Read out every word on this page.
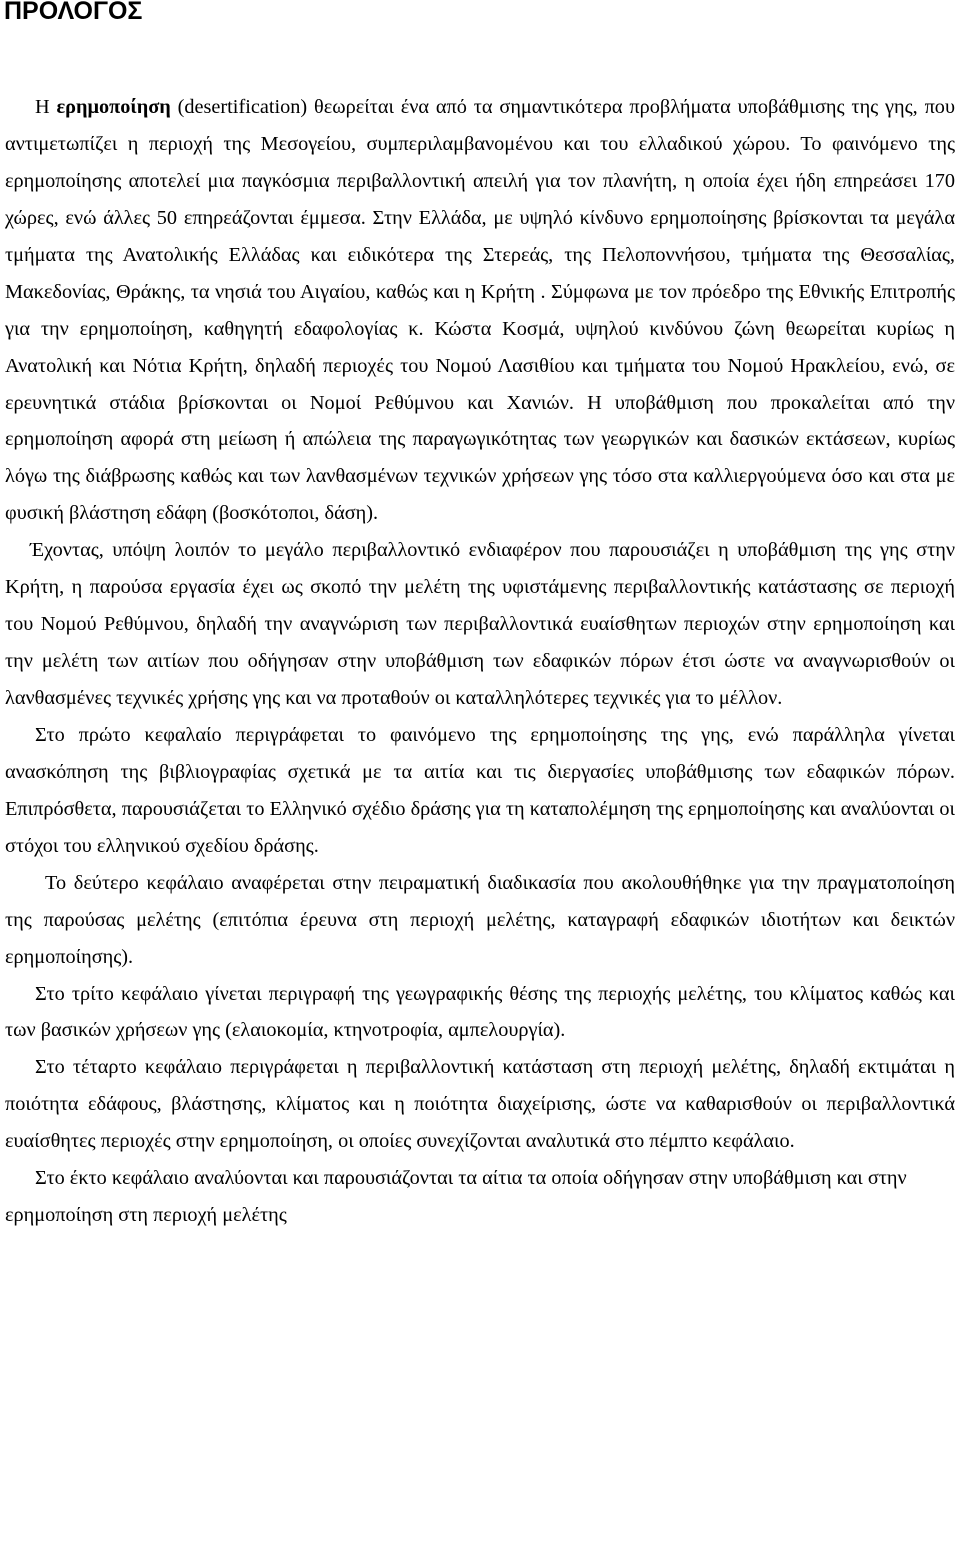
ΠΡΟΛΟΓΟΣ

Η ερημοποίηση (desertification) θεωρείται ένα από τα σημαντικότερα προβλήματα υποβάθμισης της γης, που αντιμετωπίζει η περιοχή της Μεσογείου, συμπεριλαμβανομένου και του ελλαδικού χώρου. Το φαινόμενο της ερημοποίησης αποτελεί μια παγκόσμια περιβαλλοντική απειλή για τον πλανήτη, η οποία έχει ήδη επηρεάσει 170 χώρες, ενώ άλλες 50 επηρεάζονται έμμεσα. Στην Ελλάδα, με υψηλό κίνδυνο ερημοποίησης βρίσκονται τα μεγάλα τμήματα της Ανατολικής Ελλάδας και ειδικότερα της Στερεάς, της Πελοποννήσου, τμήματα της Θεσσαλίας, Μακεδονίας, Θράκης, τα νησιά του Αιγαίου, καθώς και η Κρήτη . Σύμφωνα με τον πρόεδρο της Εθνικής Επιτροπής για την ερημοποίηση, καθηγητή εδαφολογίας κ. Κώστα Κοσμά, υψηλού κινδύνου ζώνη θεωρείται κυρίως η Ανατολική και Νότια Κρήτη, δηλαδή περιοχές του Νομού Λασιθίου και τμήματα του Νομού Ηρακλείου, ενώ, σε ερευνητικά στάδια βρίσκονται οι Νομοί Ρεθύμνου και Χανιών. Η υποβάθμιση που προκαλείται από την ερημοποίηση αφορά στη μείωση ή απώλεια της παραγωγικότητας των γεωργικών και δασικών εκτάσεων, κυρίως λόγω της διάβρωσης καθώς και των λανθασμένων τεχνικών χρήσεων γης τόσο στα καλλιεργούμενα όσο και στα με φυσική βλάστηση εδάφη (βοσκότοποι, δάση).

Έχοντας, υπόψη λοιπόν το μεγάλο περιβαλλοντικό ενδιαφέρον που παρουσιάζει η υποβάθμιση της γης στην Κρήτη, η παρούσα εργασία έχει ως σκοπό την μελέτη της υφιστάμενης περιβαλλοντικής κατάστασης σε περιοχή του Νομού Ρεθύμνου, δηλαδή την αναγνώριση των περιβαλλοντικά ευαίσθητων περιοχών στην ερημοποίηση και την μελέτη των αιτίων που οδήγησαν στην υποβάθμιση των εδαφικών πόρων έτσι ώστε να αναγνωρισθούν οι λανθασμένες τεχνικές χρήσης γης και να προταθούν οι καταλληλότερες τεχνικές για το μέλλον.

Στο πρώτο κεφαλαίο περιγράφεται το φαινόμενο της ερημοποίησης της γης, ενώ παράλληλα γίνεται ανασκόπηση της βιβλιογραφίας σχετικά με τα αιτία και τις διεργασίες υποβάθμισης των εδαφικών πόρων. Επιπρόσθετα, παρουσιάζεται το Ελληνικό σχέδιο δράσης για τη καταπολέμηση της ερημοποίησης και αναλύονται οι στόχοι του ελληνικού σχεδίου δράσης.

Το δεύτερο κεφάλαιο αναφέρεται στην πειραματική διαδικασία που ακολουθήθηκε για την πραγματοποίηση της παρούσας μελέτης (επιτόπια έρευνα στη περιοχή μελέτης, καταγραφή εδαφικών ιδιοτήτων και δεικτών ερημοποίησης).

Στο τρίτο κεφάλαιο γίνεται περιγραφή της γεωγραφικής θέσης της περιοχής μελέτης, του κλίματος καθώς και των βασικών χρήσεων γης (ελαιοκομία, κτηνοτροφία, αμπελουργία).

Στο τέταρτο κεφάλαιο περιγράφεται η περιβαλλοντική κατάσταση στη περιοχή μελέτης, δηλαδή εκτιμάται η ποιότητα εδάφους, βλάστησης, κλίματος και η ποιότητα διαχείρισης, ώστε να καθαρισθούν οι περιβαλλοντικά ευαίσθητες περιοχές στην ερημοποίηση, οι οποίες συνεχίζονται αναλυτικά στο πέμπτο κεφάλαιο.

Στο έκτο κεφάλαιο αναλύονται και παρουσιάζονται τα αίτια τα οποία οδήγησαν στην υποβάθμιση και στην ερημοποίηση στη περιοχή μελέτης
